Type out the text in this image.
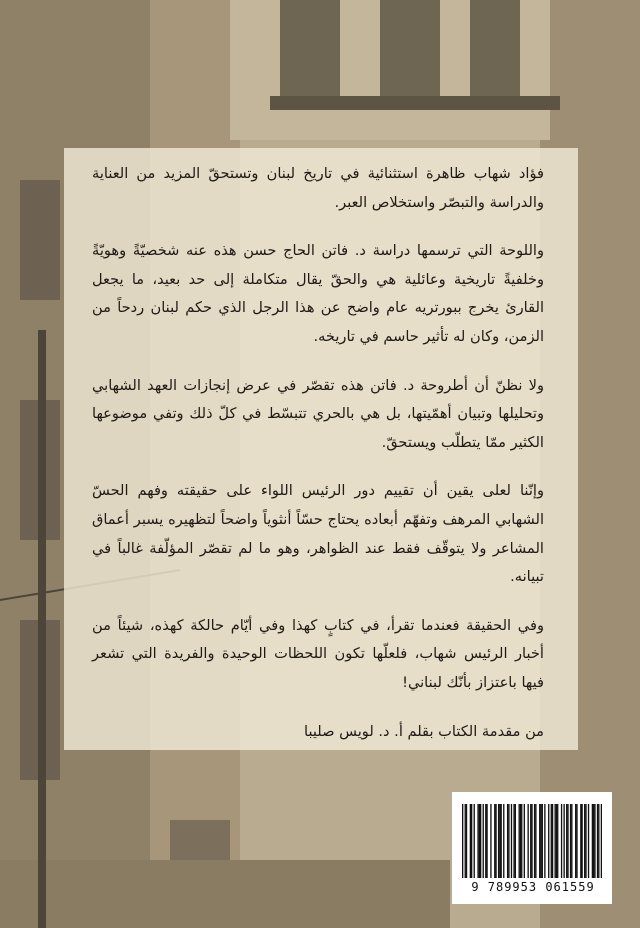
فؤاد شهاب ظاهرة استثنائية في تاريخ لبنان وتستحقّ المزيد من العناية والدراسة والتبصّر واستخلاص العبر.

واللوحة التي ترسمها دراسة د. فاتن الحاج حسن هذه عنه شخصيّةً وهويّةً وخلفيةً تاريخية وعائلية هي والحقّ يقال متكاملة إلى حد بعيد، ما يجعل القارئ يخرج ببورتريه عام واضح عن هذا الرجل الذي حكم لبنان ردحاً من الزمن، وكان له تأثير حاسم في تاريخه.

ولا نظنّ أن أطروحة د. فاتن هذه تقصّر في عرض إنجازات العهد الشهابي وتحليلها وتبيان أهمّيتها، بل هي بالحري تتبسّط في كلّ ذلك وتفي موضوعها الكثير ممّا يتطلّب ويستحقّ.

وإنّنا لعلى يقين أن تقييم دور الرئيس اللواء على حقيقته وفهم الحسّ الشهابي المرهف وتفهّم أبعاده يحتاج حسّاً أنثوياً واضحاً لتظهيره يسبر أعماق المشاعر ولا يتوقّف فقط عند الظواهر، وهو ما لم تقصّر المؤلّفة غالباً في تبيانه.

وفي الحقيقة فعندما تقرأ، في كتابٍ كهذا وفي أيّام حالكة كهذه، شيئاً من أخبار الرئيس شهاب، فلعلّها تكون اللحظات الوحيدة والفريدة التي تشعر فيها باعتزاز بأنّك لبناني!

من مقدمة الكتاب بقلم أ. د. لويس صليبا

9 789953 061559
